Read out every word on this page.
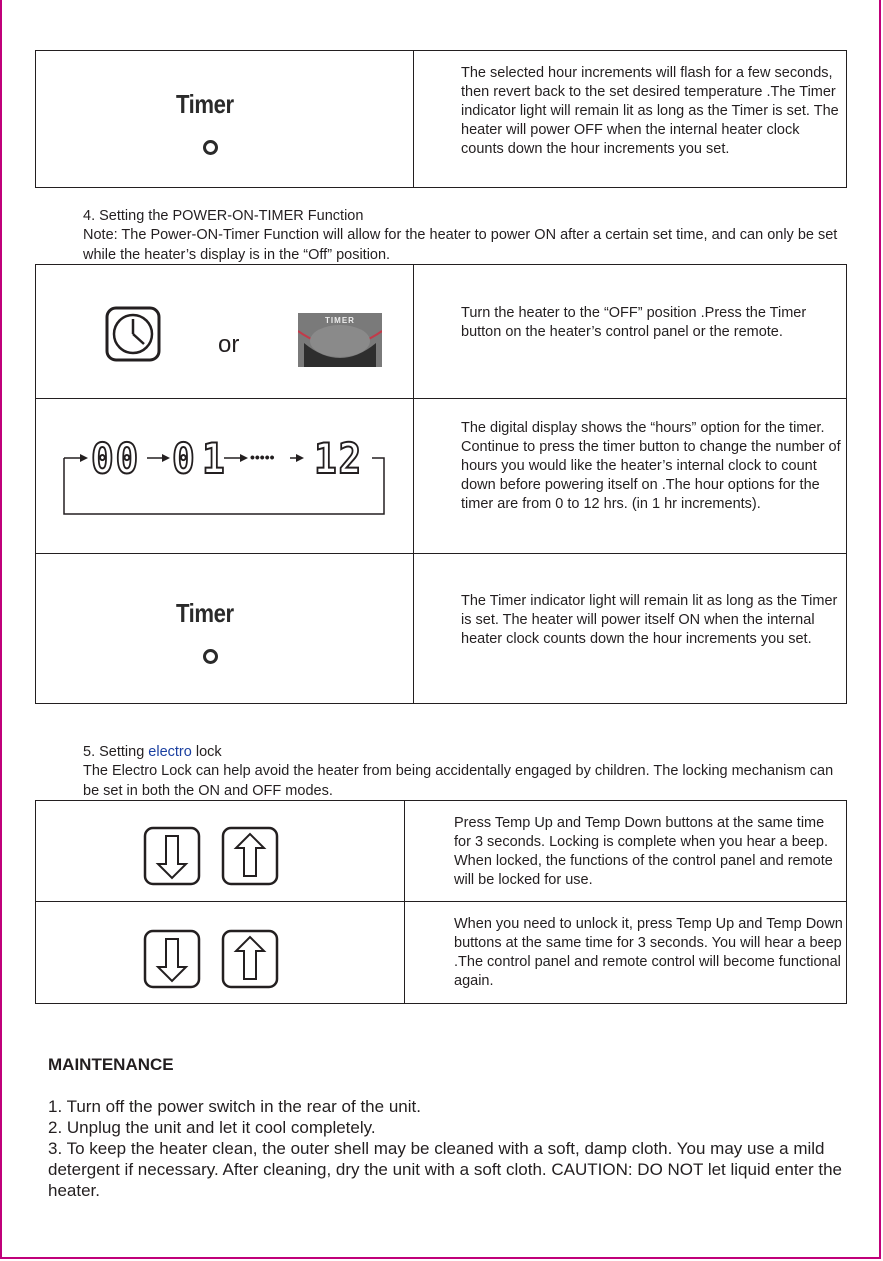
Timer
The selected hour increments will flash for a few seconds, then revert back to the set desired temperature .The Timer indicator light will remain lit as long as the Timer is set. The heater will power OFF when the internal heater clock counts down the hour increments you set.
4. Setting the POWER-ON-TIMER Function
Note: The Power-ON-Timer Function will allow for the heater to power ON after a certain set time, and can only be set while the heater’s display is in the “Off” position.
or
TIMER	Turn the heater to the “OFF” position .Press the Timer button on the heater’s control panel or the remote.
•••••
00 01 12
The digital display shows the “hours” option for the timer. Continue to press the timer button to change the number of hours you would like the heater’s internal clock to count down before powering itself on .The hour options for the timer are from 0 to 12 hrs. (in 1 hr increments).
Timer	The Timer indicator light will remain lit as long as the Timer is set. The heater will power itself ON when the internal heater clock counts down the hour increments you set.
5. Setting electro lock
The Electro Lock can help avoid the heater from being accidentally engaged by children. The locking mechanism can be set in both the ON and OFF modes.
Press Temp Up and Temp Down buttons at the same time for 3 seconds. Locking is complete when you hear a beep. When locked, the functions of the control panel and remote will be locked for use.
When you need to unlock it, press Temp Up and Temp Down buttons at the same time for 3 seconds. You will hear a beep .The control panel and remote control will become functional again.
MAINTENANCE
1. Turn off the power switch in the rear of the unit.
2. Unplug the unit and let it cool completely.
3. To keep the heater clean, the outer shell may be cleaned with a soft, damp cloth. You may use a mild detergent if necessary. After cleaning, dry the unit with a soft cloth. CAUTION: DO NOT let liquid enter the heater.
